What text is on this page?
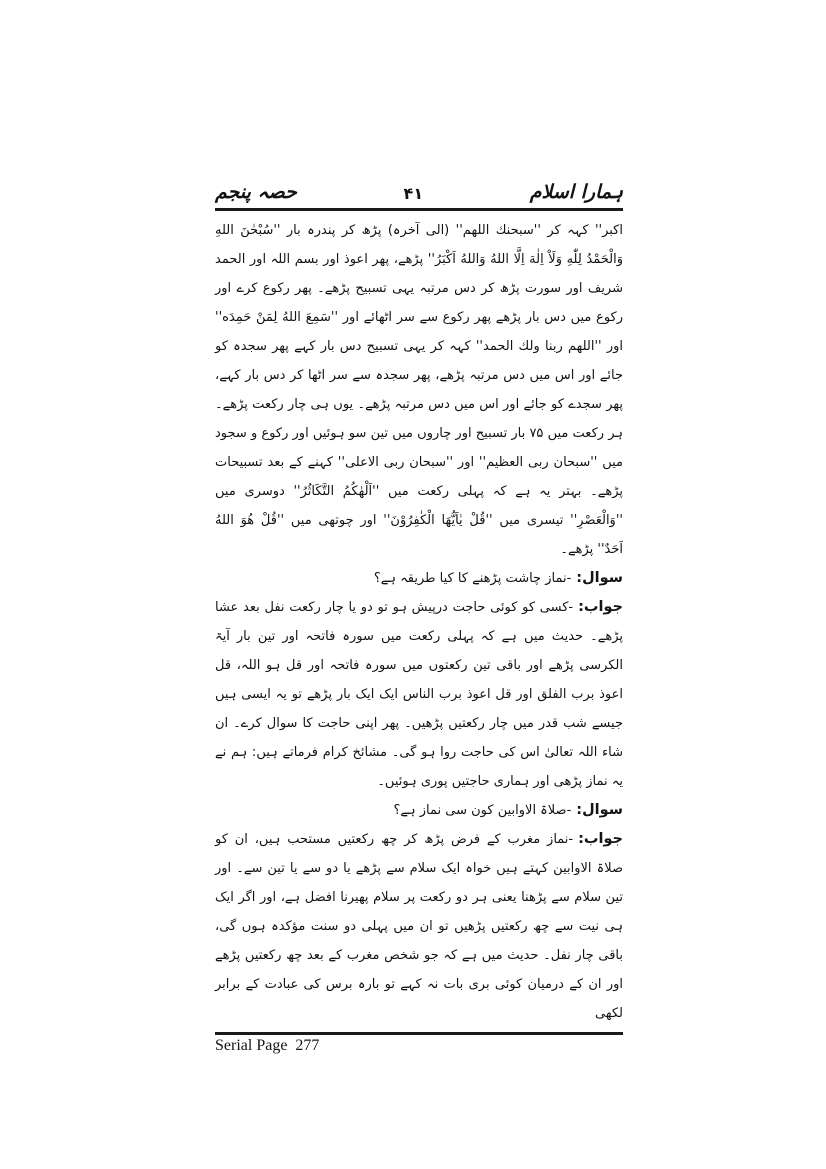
ہمارا اسلام
۴۱
حصہ پنجم

اکبر'' کہہ کر ''سبحنك اللهم'' (الی آخرہ) پڑھ کر پندرہ بار ''سُبْحٰنَ اللهِ وَالْحَمْدُ لِلّٰهِ وَلَاْ اِلٰهَ اِلَّا اللهُ وَاللهُ اَكْبَرُ'' پڑھے، پھر اعوذ اور بسم اللہ اور الحمد شریف اور سورت پڑھ کر دس مرتبہ یہی تسبیح پڑھے۔ پھر رکوع کرے اور رکوع میں دس بار پڑھے پھر رکوع سے سر اٹھائے اور ''سَمِعَ اللهُ لِمَنْ حَمِدَه'' اور ''اللهم ربنا ولك الحمد'' کہہ کر یہی تسبیح دس بار کہے پھر سجدہ کو جائے اور اس میں دس مرتبہ پڑھے، پھر سجدہ سے سر اٹھا کر دس بار کہے، پھر سجدے کو جائے اور اس میں دس مرتبہ پڑھے۔ یوں ہی چار رکعت پڑھے۔ ہر رکعت میں ۷۵ بار تسبیح اور چاروں میں تین سو ہوئیں اور رکوع و سجود میں ''سبحان ربی العظیم'' اور ''سبحان ربی الاعلی'' کہنے کے بعد تسبیحات پڑھے۔ بہتر یہ ہے کہ پہلی رکعت میں ''اَلْهٰكُمُ التَّكَاثُرُ'' دوسری میں ''وَالْعَصْرِ'' تیسری میں ''قُلْ يٰاَيُّهَا الْكٰفِرُوْنَ'' اور چوتھی میں ''قُلْ هُوَ اللهُ اَحَدٌ'' پڑھے۔

سوال:-نماز چاشت پڑھنے کا کیا طریقہ ہے؟

جواب:-کسی کو کوئی حاجت درپیش ہو تو دو یا چار رکعت نفل بعد عشا پڑھے۔ حدیث میں ہے کہ پہلی رکعت میں سورہ فاتحہ اور تین بار آیۃ الکرسی پڑھے اور باقی تین رکعتوں میں سورہ فاتحہ اور قل ہو اللہ، قل اعوذ برب الفلق اور قل اعوذ برب الناس ایک ایک بار پڑھے تو یہ ایسی ہیں جیسے شب قدر میں چار رکعتیں پڑھیں۔ پھر اپنی حاجت کا سوال کرے۔ ان شاء اللہ تعالیٰ اس کی حاجت روا ہو گی۔ مشائخ کرام فرماتے ہیں: ہم نے یہ نماز پڑھی اور ہماری حاجتیں پوری ہوئیں۔

سوال:-صلاۃ الاوابین کون سی نماز ہے؟

جواب:-نماز مغرب کے فرض پڑھ کر چھ رکعتیں مستحب ہیں، ان کو صلاۃ الاوابین کہتے ہیں خواہ ایک سلام سے پڑھے یا دو سے یا تین سے۔ اور تین سلام سے پڑھنا یعنی ہر دو رکعت پر سلام پھیرنا افضل ہے، اور اگر ایک ہی نیت سے چھ رکعتیں پڑھیں تو ان میں پہلی دو سنت مؤکدہ ہوں گی، باقی چار نفل۔ حدیث میں ہے کہ جو شخص مغرب کے بعد چھ رکعتیں پڑھے اور ان کے درمیان کوئی بری بات نہ کہے تو بارہ برس کی عبادت کے برابر لکھی

Serial Page  277
